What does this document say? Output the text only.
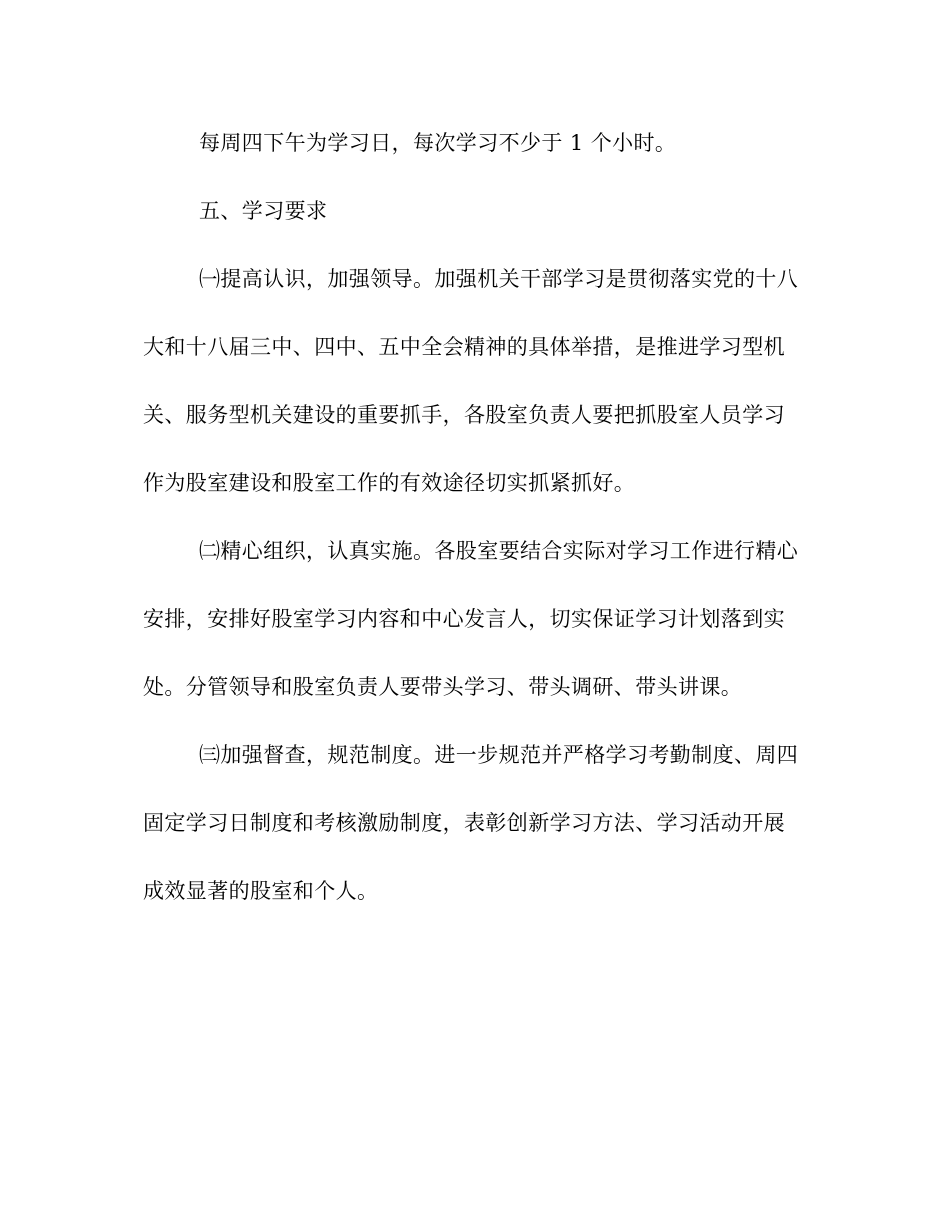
每周四下午为学习日，每次学习不少于 1 个小时。
五、学习要求
㈠提高认识，加强领导。加强机关干部学习是贯彻落实党的十八
大和十八届三中、四中、五中全会精神的具体举措，是推进学习型机
关、服务型机关建设的重要抓手，各股室负责人要把抓股室人员学习
作为股室建设和股室工作的有效途径切实抓紧抓好。
㈡精心组织，认真实施。各股室要结合实际对学习工作进行精心
安排，安排好股室学习内容和中心发言人，切实保证学习计划落到实
处。分管领导和股室负责人要带头学习、带头调研、带头讲课。
㈢加强督查，规范制度。进一步规范并严格学习考勤制度、周四
固定学习日制度和考核激励制度，表彰创新学习方法、学习活动开展
成效显著的股室和个人。
